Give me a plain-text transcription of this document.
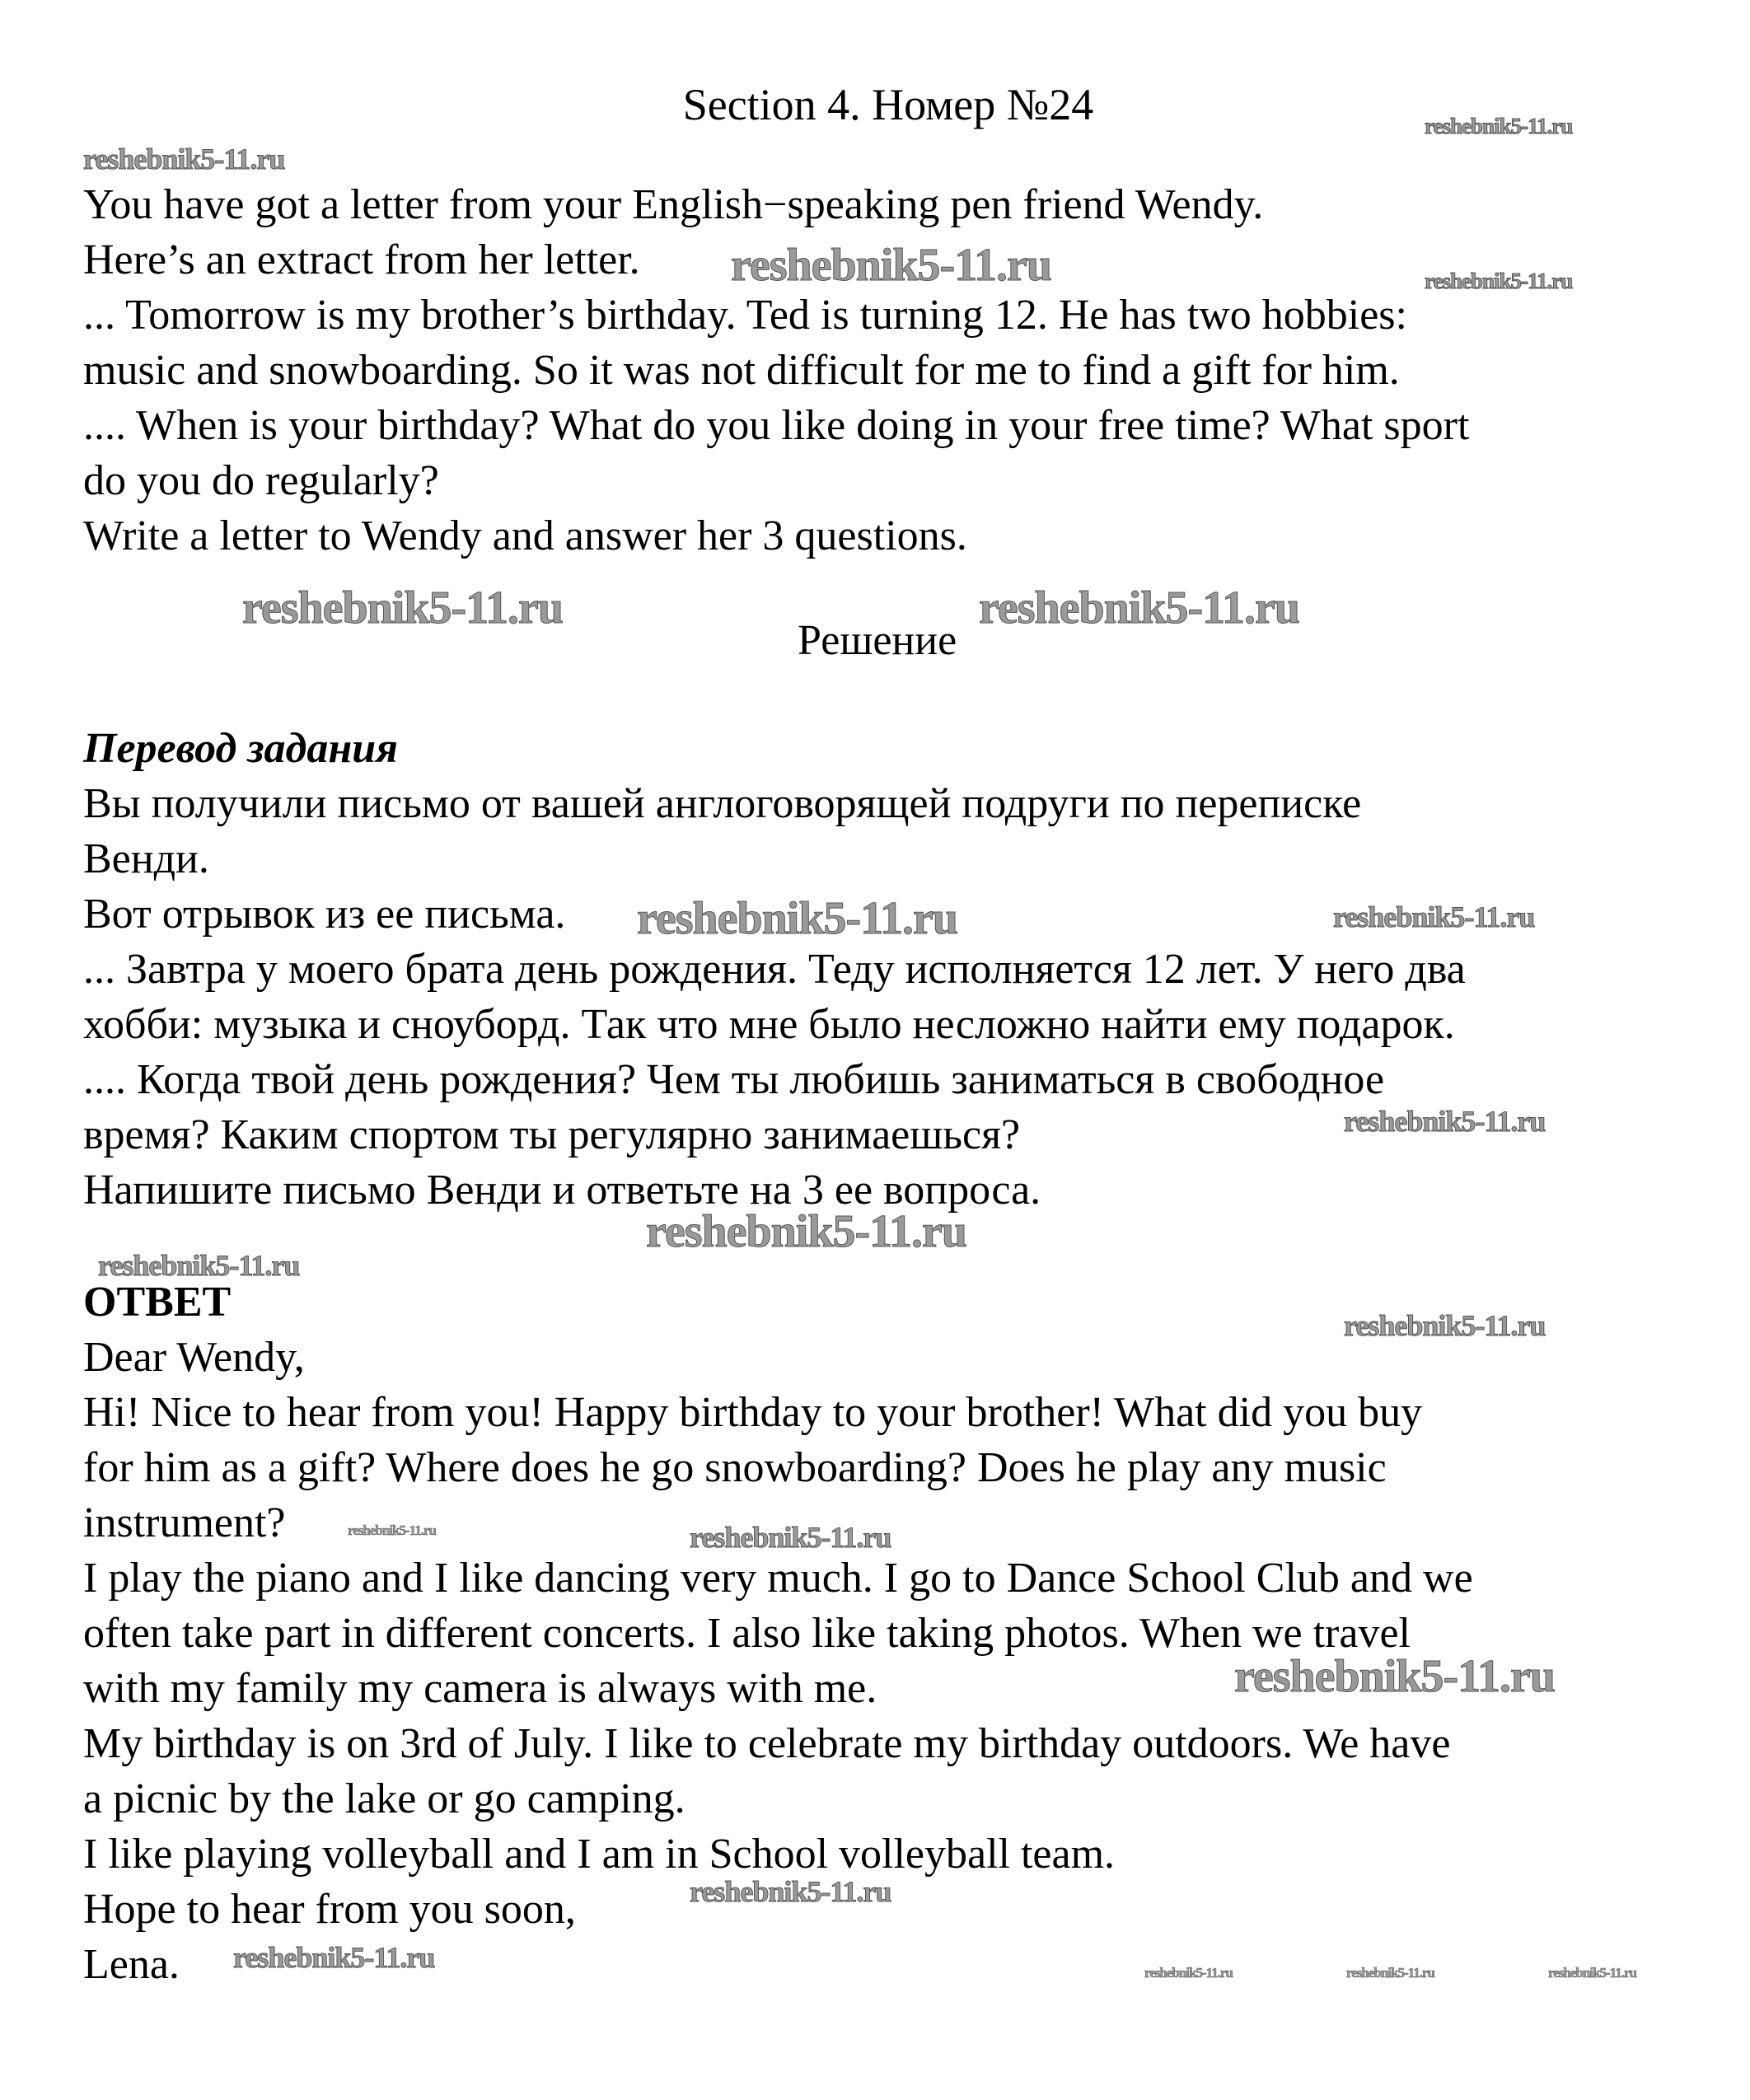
Section 4. Номер №24
You have got a letter from your English−speaking pen friend Wendy.
Here’s an extract from her letter.
... Tomorrow is my brother’s birthday. Ted is turning 12. He has two hobbies:
music and snowboarding. So it was not difficult for me to find a gift for him.
.... When is your birthday? What do you like doing in your free time? What sport
do you do regularly?
Write a letter to Wendy and answer her 3 questions.
Решение
Перевод задания
Вы получили письмо от вашей англоговорящей подруги по переписке
Венди.
Вот отрывок из ее письма.
... Завтра у моего брата день рождения. Теду исполняется 12 лет. У него два
хобби: музыка и сноуборд. Так что мне было несложно найти ему подарок.
.... Когда твой день рождения? Чем ты любишь заниматься в свободное
время? Каким спортом ты регулярно занимаешься?
Напишите письмо Венди и ответьте на 3 ее вопроса.
ОТВЕТ
Dear Wendy,
Hi! Nice to hear from you! Happy birthday to your brother! What did you buy
for him as a gift? Where does he go snowboarding? Does he play any music
instrument?
I play the piano and I like dancing very much. I go to Dance School Club and we
often take part in different concerts. I also like taking photos. When we travel
with my family my camera is always with me.
My birthday is on 3rd of July. I like to celebrate my birthday outdoors. We have
a picnic by the lake or go camping.
I like playing volleyball and I am in School volleyball team.
Hope to hear from you soon,
Lena.
reshebnik5-11.ru
reshebnik5-11.ru	reshebnik5-11.ru
reshebnik5-11.ru
reshebnik5-11.ru
reshebnik5-11.ru
reshebnik5-11.ru
reshebnik5-11.ru
reshebnik5-11.ru
reshebnik5-11.ru
reshebnik5-11.ru
reshebnik5-11.ru
reshebnik5-11.ru
reshebnik5-11.ru
reshebnik5-11.ru
reshebnik5-11.ru
reshebnik5-11.ru
reshebnik5-11.ru	reshebnik5-11.ru	reshebnik5-11.ru
